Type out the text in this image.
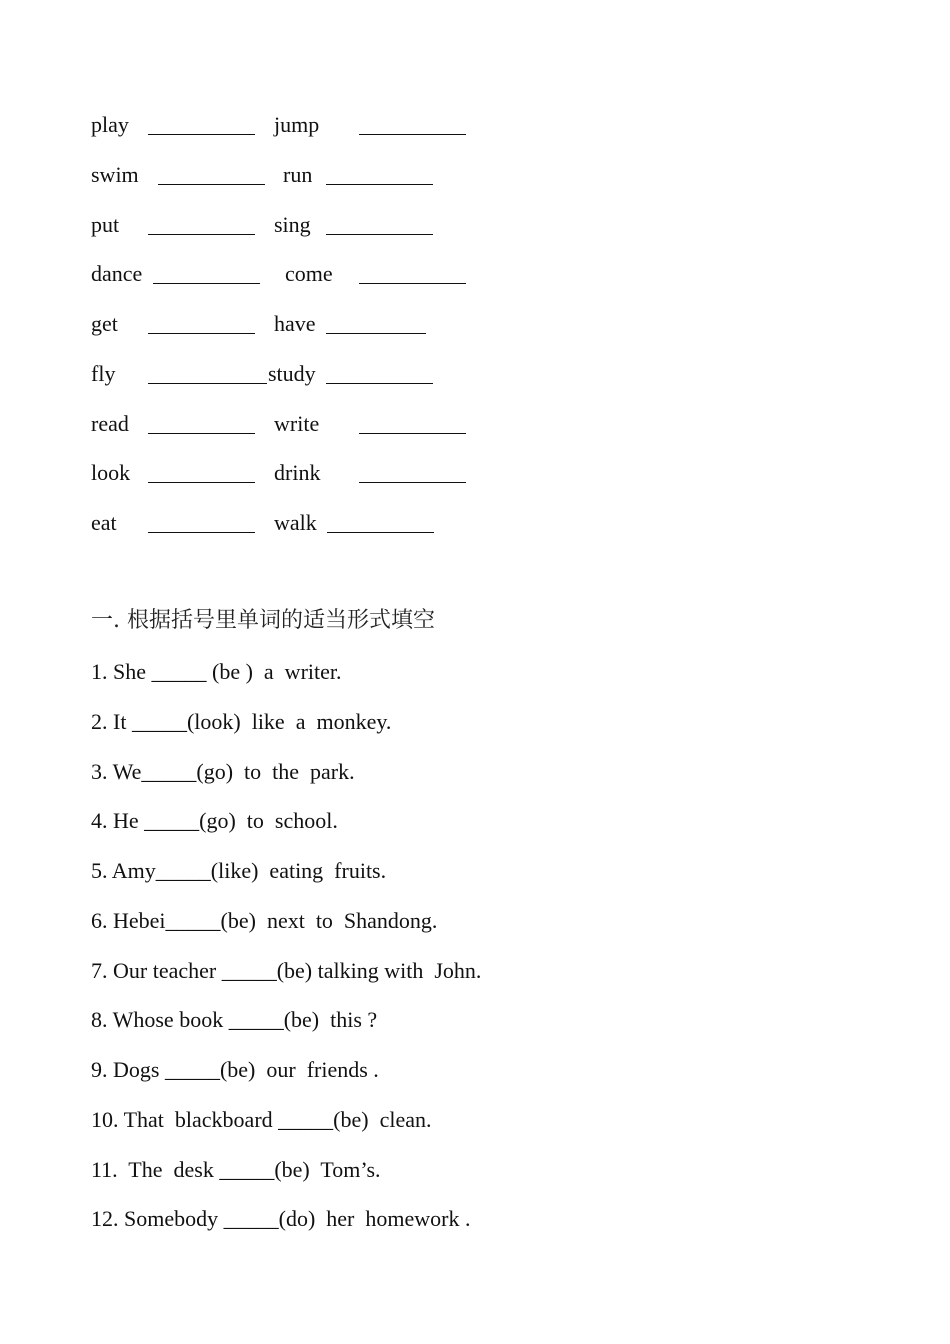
play	jump
swim	run
put	sing
dance	come
get	have
fly	study
read	write
look	drink
eat	walk
一. 根据括号里单词的适当形式填空
1. She _____ (be )  a  writer.
2. It _____(look)  like  a  monkey.
3. We_____(go)  to  the  park.
4. He _____(go)  to  school.
5. Amy_____(like)  eating  fruits.
6. Hebei_____(be)  next  to  Shandong.
7. Our teacher _____(be) talking with  John.
8. Whose book _____(be)  this ?
9. Dogs _____(be)  our  friends .
10. That  blackboard _____(be)  clean.
11.  The  desk _____(be)  Tom’s.
12. Somebody _____(do)  her  homework .
